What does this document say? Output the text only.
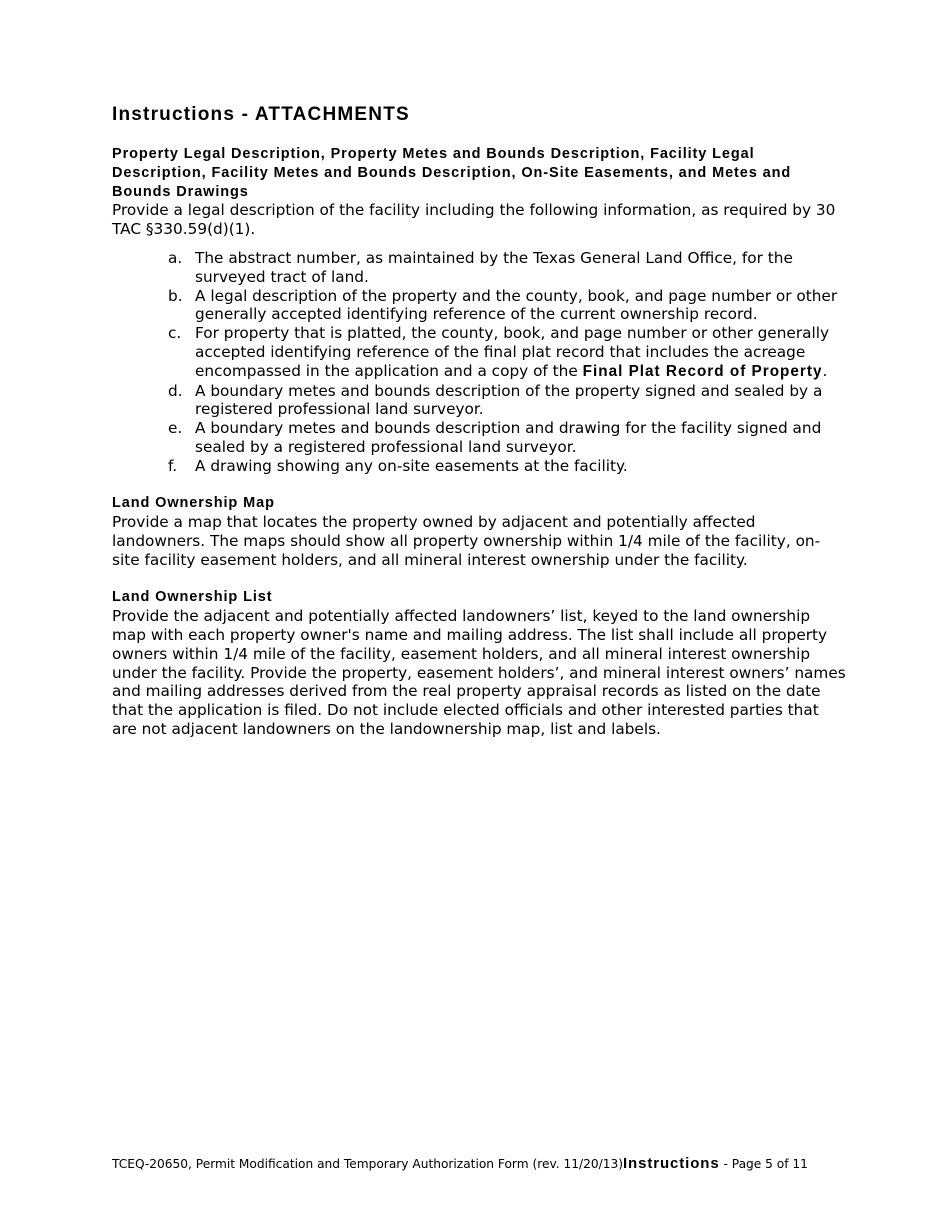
Instructions - ATTACHMENTS

Property Legal Description, Property Metes and Bounds Description, Facility Legal Description, Facility Metes and Bounds Description, On-Site Easements, and Metes and Bounds Drawings

Provide a legal description of the facility including the following information, as required by 30 TAC §330.59(d)(1).

a. The abstract number, as maintained by the Texas General Land Office, for the surveyed tract of land.
b. A legal description of the property and the county, book, and page number or other generally accepted identifying reference of the current ownership record.
c. For property that is platted, the county, book, and page number or other generally accepted identifying reference of the final plat record that includes the acreage encompassed in the application and a copy of the Final Plat Record of Property.
d. A boundary metes and bounds description of the property signed and sealed by a registered professional land surveyor.
e. A boundary metes and bounds description and drawing for the facility signed and sealed by a registered professional land surveyor.
f. A drawing showing any on-site easements at the facility.

Land Ownership Map

Provide a map that locates the property owned by adjacent and potentially affected landowners. The maps should show all property ownership within 1/4 mile of the facility, on-site facility easement holders, and all mineral interest ownership under the facility.

Land Ownership List

Provide the adjacent and potentially affected landowners’ list, keyed to the land ownership map with each property owner's name and mailing address. The list shall include all property owners within 1/4 mile of the facility, easement holders, and all mineral interest ownership under the facility. Provide the property, easement holders’, and mineral interest owners’ names and mailing addresses derived from the real property appraisal records as listed on the date that the application is filed. Do not include elected officials and other interested parties that are not adjacent landowners on the landownership map, list and labels.

TCEQ-20650, Permit Modification and Temporary Authorization Form (rev. 11/20/13)Instructions - Page 5 of 11
